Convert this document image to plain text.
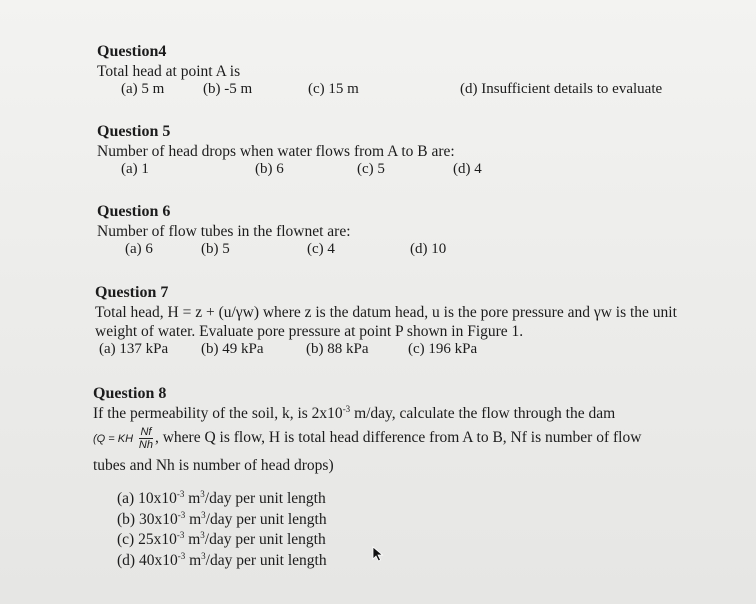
Question4
Total head at point A is
(a) 5 m	(b) -5 m	(c) 15 m	(d) Insufficient details to evaluate
Question 5
Number of head drops when water flows from A to B are:
(a) 1	(b) 6	(c) 5	(d) 4
Question 6
Number of flow tubes in the flownet are:
(a) 6	(b) 5	(c) 4	(d) 10
Question 7
Total head, H = z + (u/γw) where z is the datum head, u is the pore pressure and γw is the unit
weight of water. Evaluate pore pressure at point P shown in Figure 1.
(a) 137 kPa (b) 49 kPa	(b) 88 kPa	(c) 196 kPa
Question 8
If the permeability of the soil, k, is $2x10^{-3}$ m/day, calculate the flow through the dam
(Q = KH $\frac{Nf}{Nh}$ , where Q is flow, H is total head difference from A to B, Nf is number of flow
tubes and Nh is number of head drops)
(a) $10x10^{-3}$ $m^3$/day per unit length
(b) $30x10^{-3}$ $m^3$/day per unit length
(c) $25x10^{-3}$ $m^3$/day per unit length
(d) $40x10^{-3}$ $m^3$/day per unit length
